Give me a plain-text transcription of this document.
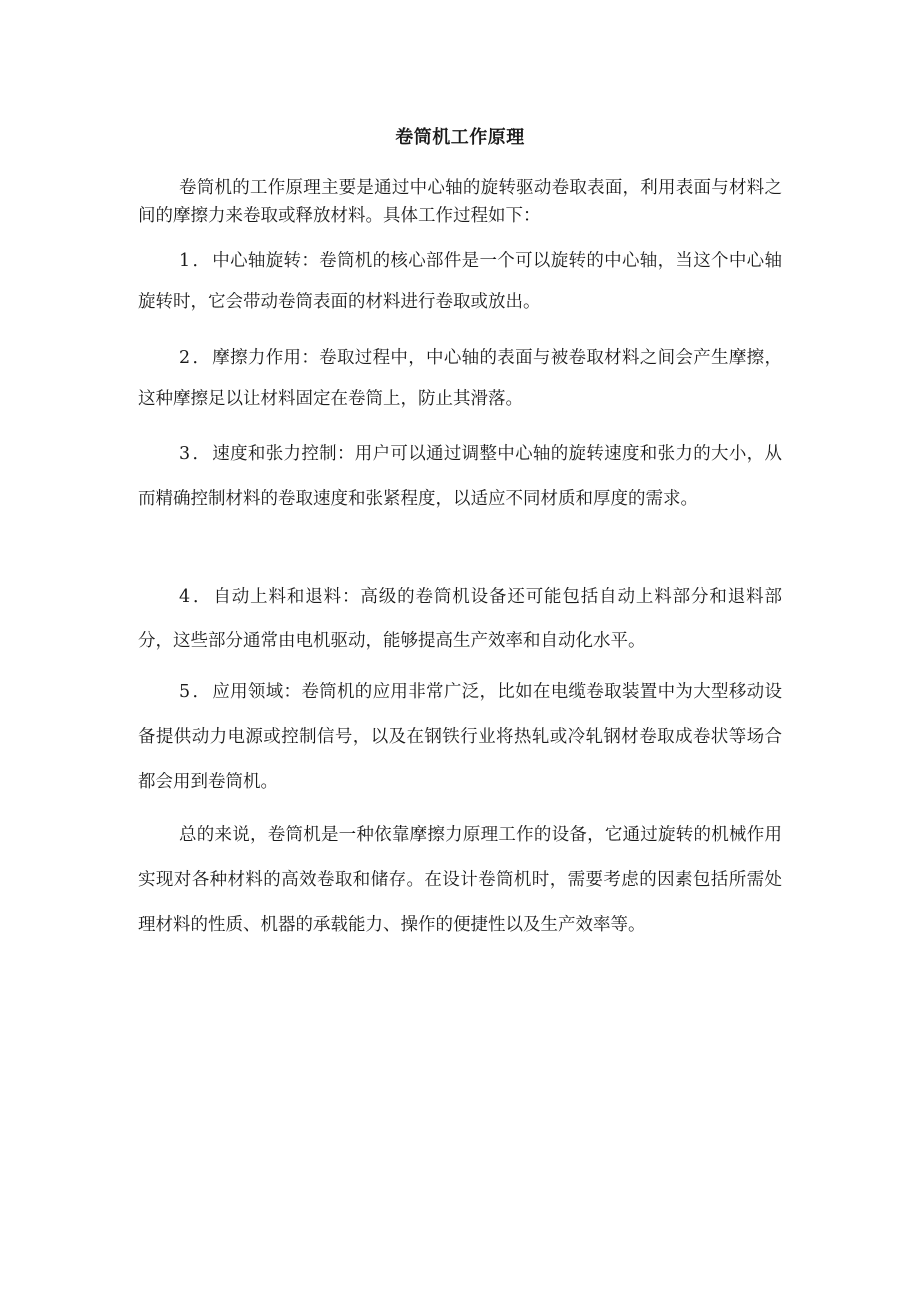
卷筒机工作原理

卷筒机的工作原理主要是通过中心轴的旋转驱动卷取表面，利用表面与材料之间的摩擦力来卷取或释放材料。具体工作过程如下：

1．中心轴旋转：卷筒机的核心部件是一个可以旋转的中心轴，当这个中心轴旋转时，它会带动卷筒表面的材料进行卷取或放出。

2．摩擦力作用：卷取过程中，中心轴的表面与被卷取材料之间会产生摩擦，这种摩擦足以让材料固定在卷筒上，防止其滑落。

3．速度和张力控制：用户可以通过调整中心轴的旋转速度和张力的大小，从而精确控制材料的卷取速度和张紧程度，以适应不同材质和厚度的需求。

4．自动上料和退料：高级的卷筒机设备还可能包括自动上料部分和退料部分，这些部分通常由电机驱动，能够提高生产效率和自动化水平。

5．应用领域：卷筒机的应用非常广泛，比如在电缆卷取装置中为大型移动设备提供动力电源或控制信号，以及在钢铁行业将热轧或冷轧钢材卷取成卷状等场合都会用到卷筒机。

总的来说，卷筒机是一种依靠摩擦力原理工作的设备，它通过旋转的机械作用实现对各种材料的高效卷取和储存。在设计卷筒机时，需要考虑的因素包括所需处理材料的性质、机器的承载能力、操作的便捷性以及生产效率等。
